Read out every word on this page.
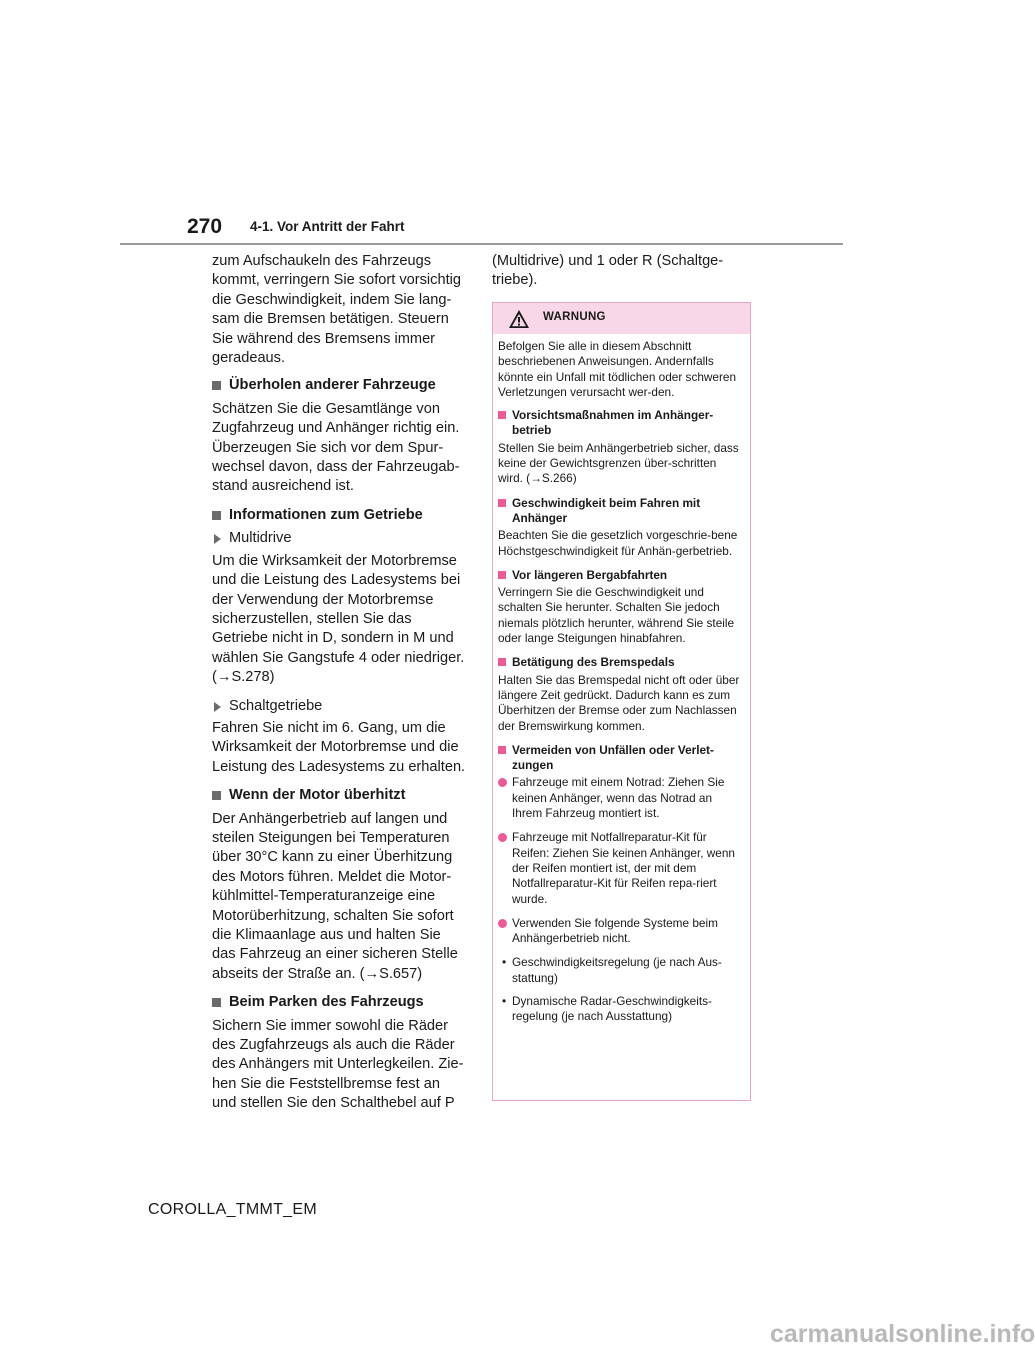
270 4-1. Vor Antritt der Fahrt

zum Aufschaukeln des Fahrzeugs kommt, verringern Sie sofort vorsichtig die Geschwindigkeit, indem Sie lang-sam die Bremsen betätigen. Steuern Sie während des Bremsens immer geradeaus.

Überholen anderer Fahrzeuge

Schätzen Sie die Gesamtlänge von Zugfahrzeug und Anhänger richtig ein. Überzeugen Sie sich vor dem Spur-wechsel davon, dass der Fahrzeugab-stand ausreichend ist.

Informationen zum Getriebe
Multidrive

Um die Wirksamkeit der Motorbremse und die Leistung des Ladesystems bei der Verwendung der Motorbremse sicherzustellen, stellen Sie das Getriebe nicht in D, sondern in M und wählen Sie Gangstufe 4 oder niedriger. (→S.278)

Schaltgetriebe

Fahren Sie nicht im 6. Gang, um die Wirksamkeit der Motorbremse und die Leistung des Ladesystems zu erhalten.

Wenn der Motor überhitzt

Der Anhängerbetrieb auf langen und steilen Steigungen bei Temperaturen über 30°C kann zu einer Überhitzung des Motors führen. Meldet die Motor-kühlmittel-Temperaturanzeige eine Motorüberhitzung, schalten Sie sofort die Klimaanlage aus und halten Sie das Fahrzeug an einer sicheren Stelle abseits der Straße an. (→S.657)

Beim Parken des Fahrzeugs

Sichern Sie immer sowohl die Räder des Zugfahrzeugs als auch die Räder des Anhängers mit Unterlegkeilen. Zie-hen Sie die Feststellbremse fest an und stellen Sie den Schalthebel auf P

(Multidrive) und 1 oder R (Schaltge-triebe).

WARNUNG

Befolgen Sie alle in diesem Abschnitt beschriebenen Anweisungen. Andernfalls könnte ein Unfall mit tödlichen oder schweren Verletzungen verursacht wer-den.

Vorsichtsmaßnahmen im Anhänger-betrieb

Stellen Sie beim Anhängerbetrieb sicher, dass keine der Gewichtsgrenzen über-schritten wird. (→S.266)

Geschwindigkeit beim Fahren mit Anhänger

Beachten Sie die gesetzlich vorgeschrie-bene Höchstgeschwindigkeit für Anhän-gerbetrieb.

Vor längeren Bergabfahrten

Verringern Sie die Geschwindigkeit und schalten Sie herunter. Schalten Sie jedoch niemals plötzlich herunter, während Sie steile oder lange Steigungen hinabfahren.

Betätigung des Bremspedals

Halten Sie das Bremspedal nicht oft oder über längere Zeit gedrückt. Dadurch kann es zum Überhitzen der Bremse oder zum Nachlassen der Bremswirkung kommen.

Vermeiden von Unfällen oder Verlet-zungen
Fahrzeuge mit einem Notrad: Ziehen Sie keinen Anhänger, wenn das Notrad an Ihrem Fahrzeug montiert ist.
Fahrzeuge mit Notfallreparatur-Kit für Reifen: Ziehen Sie keinen Anhänger, wenn der Reifen montiert ist, der mit dem Notfallreparatur-Kit für Reifen repa-riert wurde.
Verwenden Sie folgende Systeme beim Anhängerbetrieb nicht.
• Geschwindigkeitsregelung (je nach Aus-stattung)
• Dynamische Radar-Geschwindigkeits-regelung (je nach Ausstattung)
COROLLA_TMMT_EM
carmanualsonline.info
